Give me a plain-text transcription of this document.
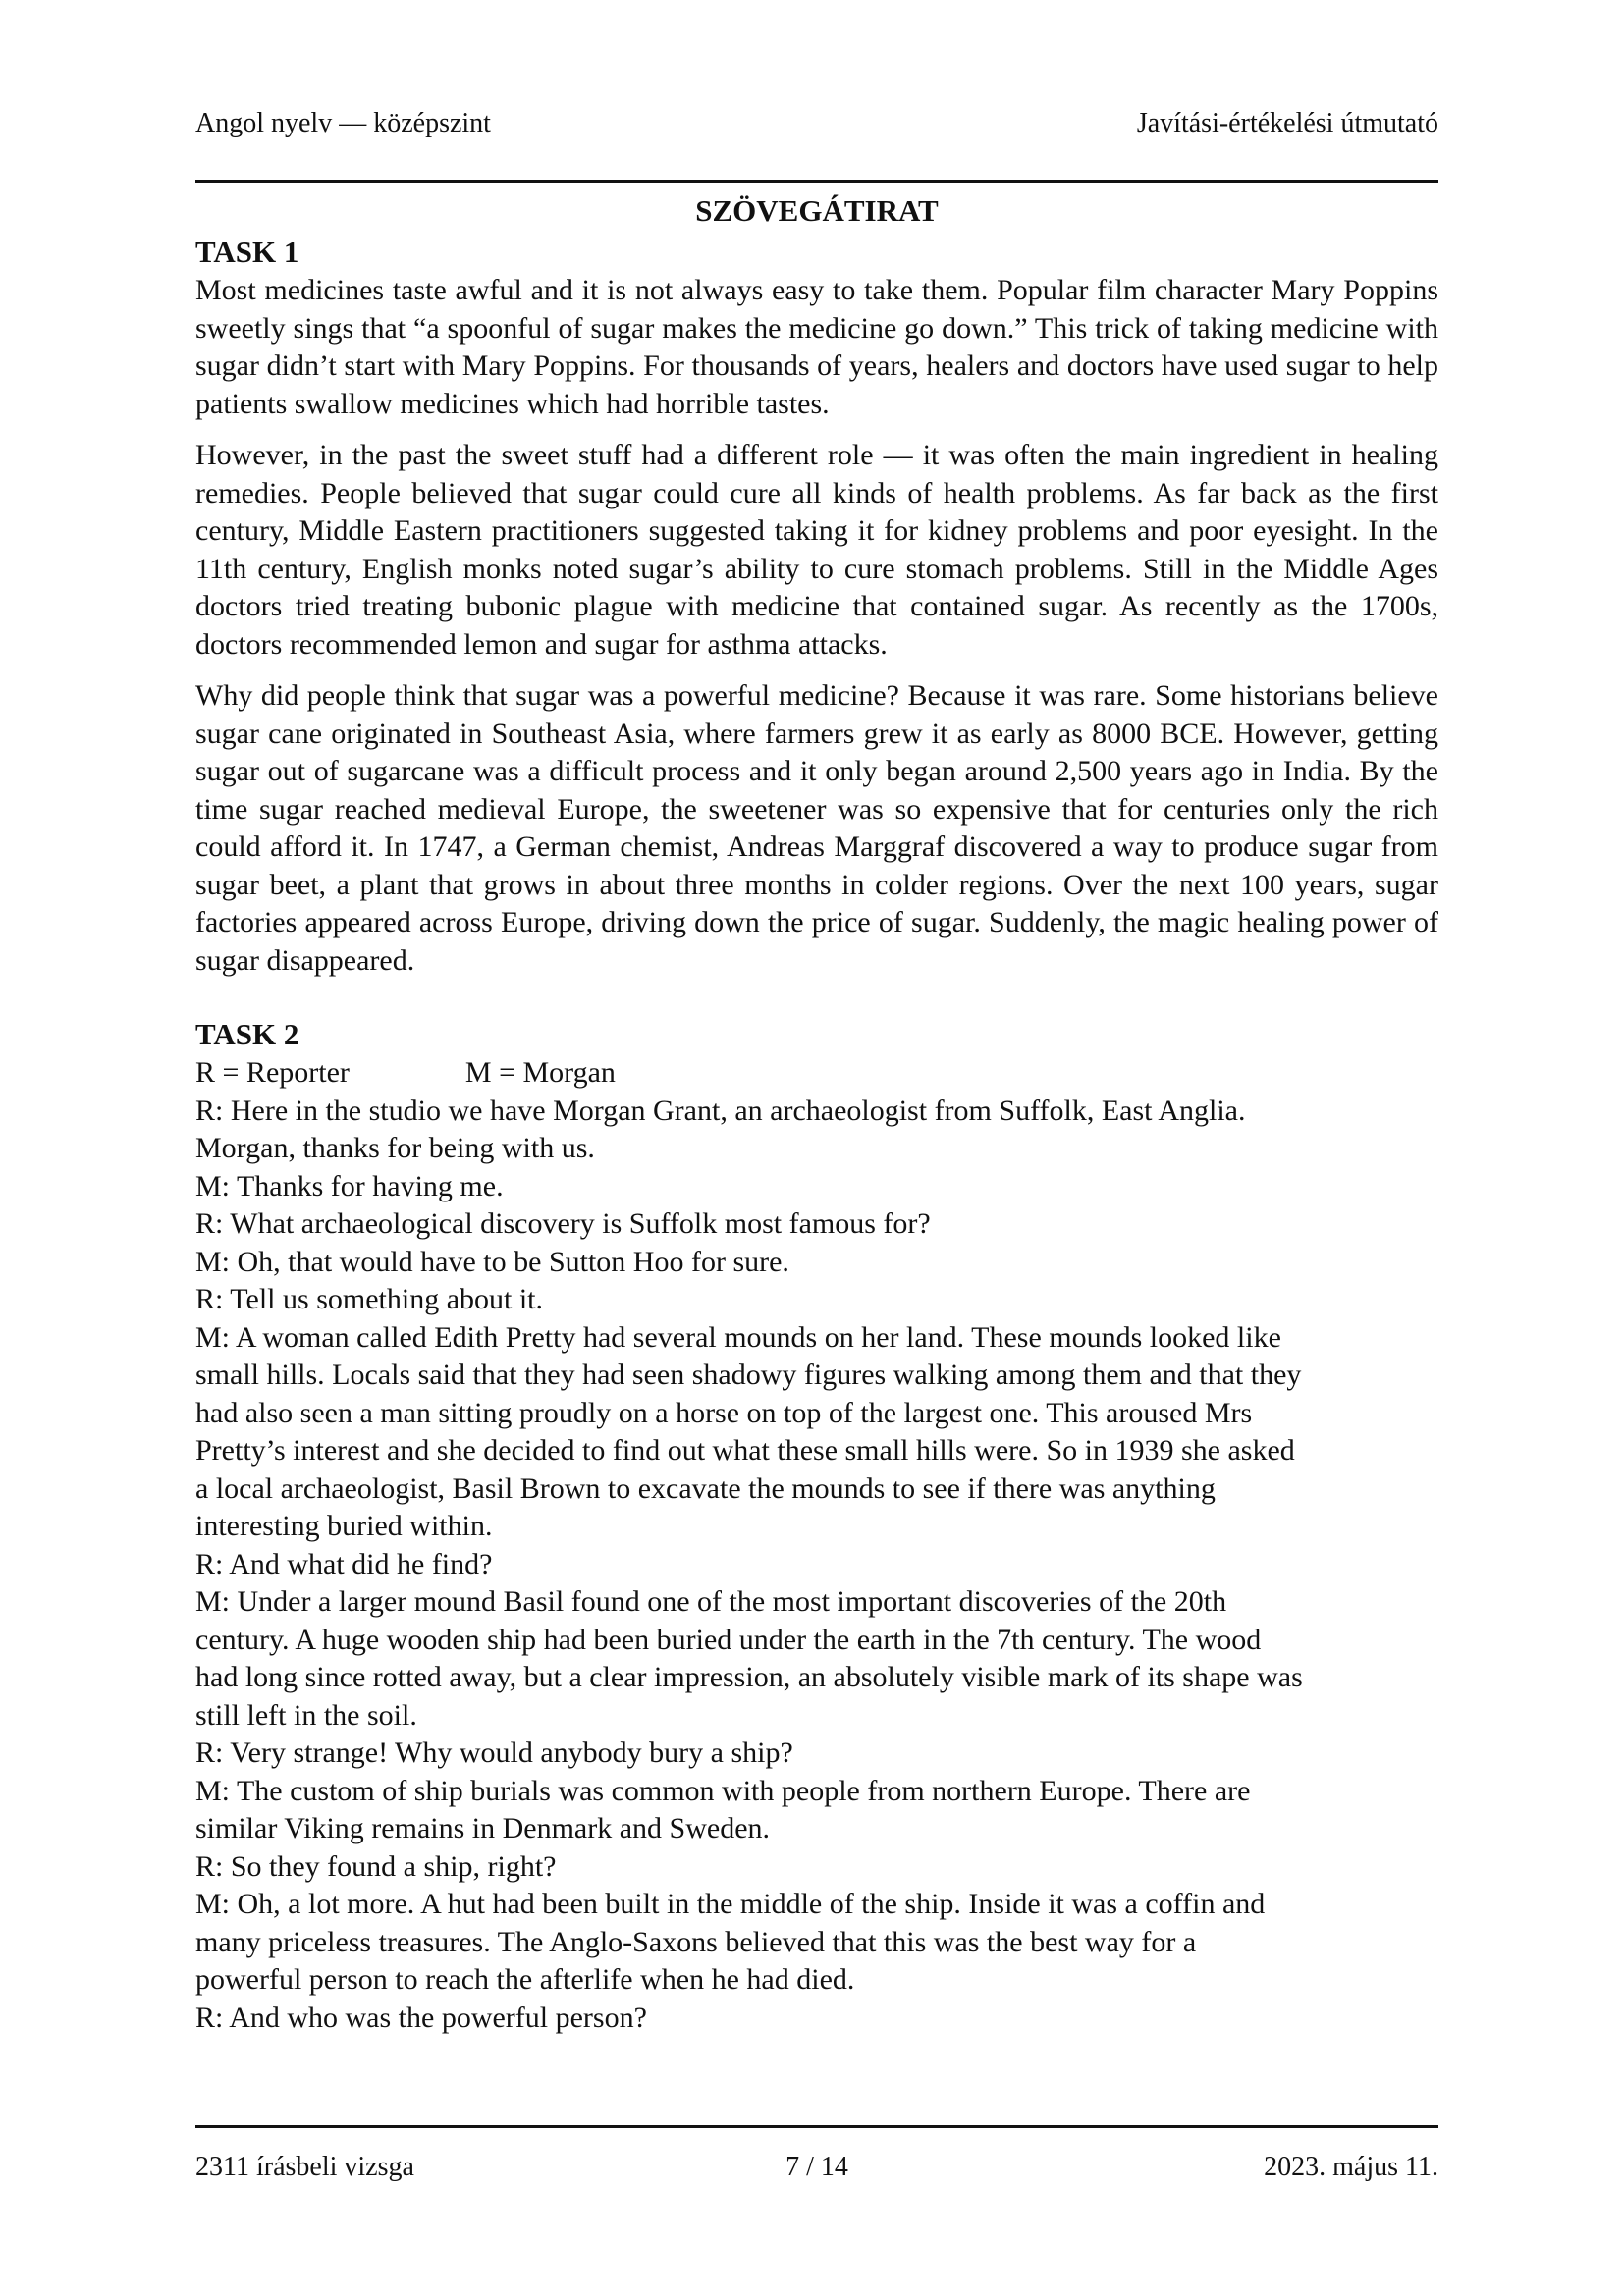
Angol nyelv — középszint	Javítási-értékelési útmutató
SZÖVEGÁTIRAT
TASK 1

Most medicines taste awful and it is not always easy to take them. Popular film character Mary Poppins sweetly sings that “a spoonful of sugar makes the medicine go down.” This trick of taking medicine with sugar didn’t start with Mary Poppins. For thousands of years, healers and doctors have used sugar to help patients swallow medicines which had horrible tastes.

However, in the past the sweet stuff had a different role — it was often the main ingredient in healing remedies. People believed that sugar could cure all kinds of health problems. As far back as the first century, Middle Eastern practitioners suggested taking it for kidney problems and poor eyesight. In the 11th century, English monks noted sugar’s ability to cure stomach problems. Still in the Middle Ages doctors tried treating bubonic plague with medicine that contained sugar. As recently as the 1700s, doctors recommended lemon and sugar for asthma attacks.

Why did people think that sugar was a powerful medicine? Because it was rare. Some historians believe sugar cane originated in Southeast Asia, where farmers grew it as early as 8000 BCE. However, getting sugar out of sugarcane was a difficult process and it only began around 2,500 years ago in India. By the time sugar reached medieval Europe, the sweetener was so expensive that for centuries only the rich could afford it. In 1747, a German chemist, Andreas Marggraf discovered a way to produce sugar from sugar beet, a plant that grows in about three months in colder regions. Over the next 100 years, sugar factories appeared across Europe, driving down the price of sugar. Suddenly, the magic healing power of sugar disappeared.

TASK 2
R = Reporter	M = Morgan
R: Here in the studio we have Morgan Grant, an archaeologist from Suffolk, East Anglia.
Morgan, thanks for being with us.
M: Thanks for having me.
R: What archaeological discovery is Suffolk most famous for?
M: Oh, that would have to be Sutton Hoo for sure.
R: Tell us something about it.
M: A woman called Edith Pretty had several mounds on her land. These mounds looked like
small hills. Locals said that they had seen shadowy figures walking among them and that they
had also seen a man sitting proudly on a horse on top of the largest one. This aroused Mrs
Pretty’s interest and she decided to find out what these small hills were. So in 1939 she asked
a local archaeologist, Basil Brown to excavate the mounds to see if there was anything
interesting buried within.
R: And what did he find?
M: Under a larger mound Basil found one of the most important discoveries of the 20th
century. A huge wooden ship had been buried under the earth in the 7th century. The wood
had long since rotted away, but a clear impression, an absolutely visible mark of its shape was
still left in the soil.
R: Very strange! Why would anybody bury a ship?
M: The custom of ship burials was common with people from northern Europe. There are
similar Viking remains in Denmark and Sweden.
R: So they found a ship, right?
M: Oh, a lot more. A hut had been built in the middle of the ship. Inside it was a coffin and
many priceless treasures. The Anglo-Saxons believed that this was the best way for a
powerful person to reach the afterlife when he had died.
R: And who was the powerful person?
2311 írásbeli vizsga	7 / 14	2023. május 11.
